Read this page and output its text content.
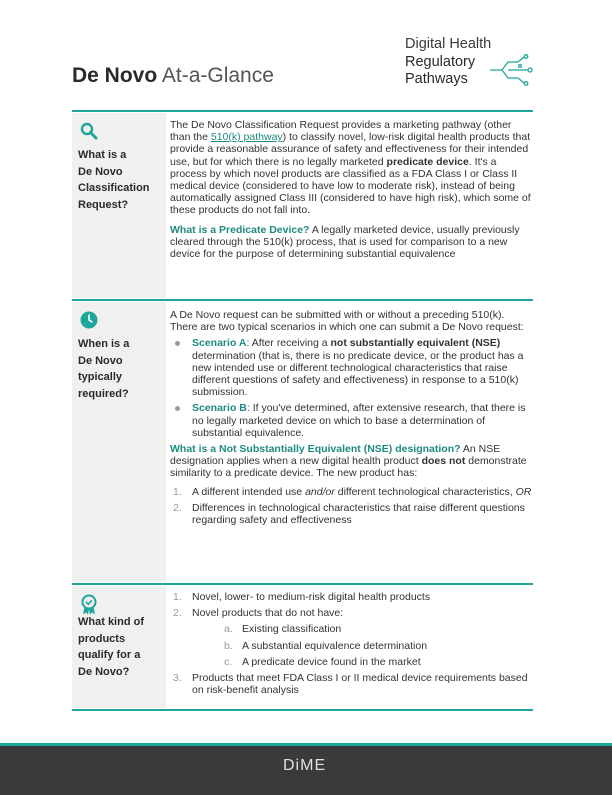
De Novo At-a-Glance
Digital Health
Regulatory
Pathways
What is a
De Novo
Classification
Request?

The De Novo Classification Request provides a marketing pathway (other than the 510(k) pathway) to classify novel, low-risk digital health products that provide a reasonable assurance of safety and effectiveness for their intended use, but for which there is no legally marketed predicate device. It's a process by which novel products are classified as a FDA Class I or Class II medical device (considered to have low to moderate risk), instead of being automatically assigned Class III (considered to have high risk), which some of these products do not fall into.

What is a Predicate Device? A legally marketed device, usually previously cleared through the 510(k) process, that is used for comparison to a new device for the purpose of determining substantial equivalence

When is a
De Novo
typically
required?

A De Novo request can be submitted with or without a preceding 510(k). There are two typical scenarios in which one can submit a De Novo request:

Scenario A: After receiving a not substantially equivalent (NSE) determination (that is, there is no predicate device, or the product has a new intended use or different technological characteristics that raise different questions of safety and effectiveness) in response to a 510(k) submission.
Scenario B: If you've determined, after extensive research, that there is no legally marketed device on which to base a determination of substantial equivalence.

What is a Not Substantially Equivalent (NSE) designation? An NSE designation applies when a new digital health product does not demonstrate similarity to a predicate device. The new product has:

1. A different intended use and/or different technological characteristics, OR
2. Differences in technological characteristics that raise different questions regarding safety and effectiveness
What kind of
products
qualify for a
De Novo?
1. Novel, lower- to medium-risk digital health products
2. Novel products that do not have:
a. Existing classification
b. A substantial equivalence determination
c. A predicate device found in the market
3. Products that meet FDA Class I or II medical device requirements based on risk-benefit analysis
DiME
